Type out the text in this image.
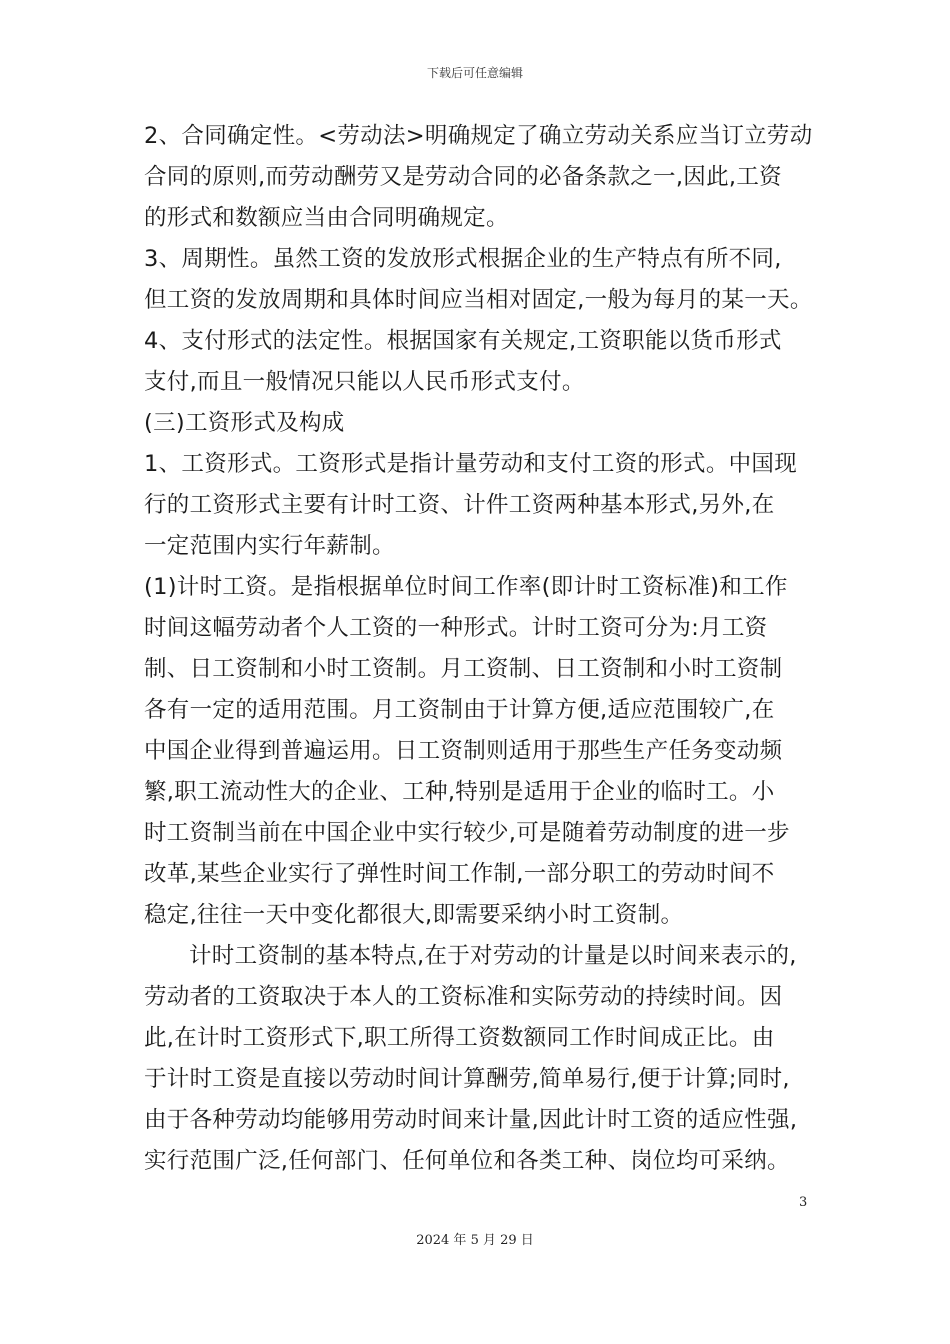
下载后可任意编辑
2、合同确定性。<劳动法>明确规定了确立劳动关系应当订立劳动
合同的原则,而劳动酬劳又是劳动合同的必备条款之一,因此,工资
的形式和数额应当由合同明确规定。
3、周期性。虽然工资的发放形式根据企业的生产特点有所不同,
但工资的发放周期和具体时间应当相对固定,一般为每月的某一天。
4、支付形式的法定性。根据国家有关规定,工资职能以货币形式
支付,而且一般情况只能以人民币形式支付。
(三)工资形式及构成
1、工资形式。工资形式是指计量劳动和支付工资的形式。中国现
行的工资形式主要有计时工资、计件工资两种基本形式,另外,在
一定范围内实行年薪制。
(1)计时工资。是指根据单位时间工作率(即计时工资标准)和工作
时间这幅劳动者个人工资的一种形式。计时工资可分为:月工资
制、日工资制和小时工资制。月工资制、日工资制和小时工资制
各有一定的适用范围。月工资制由于计算方便,适应范围较广,在
中国企业得到普遍运用。日工资制则适用于那些生产任务变动频
繁,职工流动性大的企业、工种,特别是适用于企业的临时工。小
时工资制当前在中国企业中实行较少,可是随着劳动制度的进一步
改革,某些企业实行了弹性时间工作制,一部分职工的劳动时间不
稳定,往往一天中变化都很大,即需要采纳小时工资制。
计时工资制的基本特点,在于对劳动的计量是以时间来表示的,
劳动者的工资取决于本人的工资标准和实际劳动的持续时间。因
此,在计时工资形式下,职工所得工资数额同工作时间成正比。由
于计时工资是直接以劳动时间计算酬劳,简单易行,便于计算;同时,
由于各种劳动均能够用劳动时间来计量,因此计时工资的适应性强,
实行范围广泛,任何部门、任何单位和各类工种、岗位均可采纳。
3
2024 年 5 月 29 日
